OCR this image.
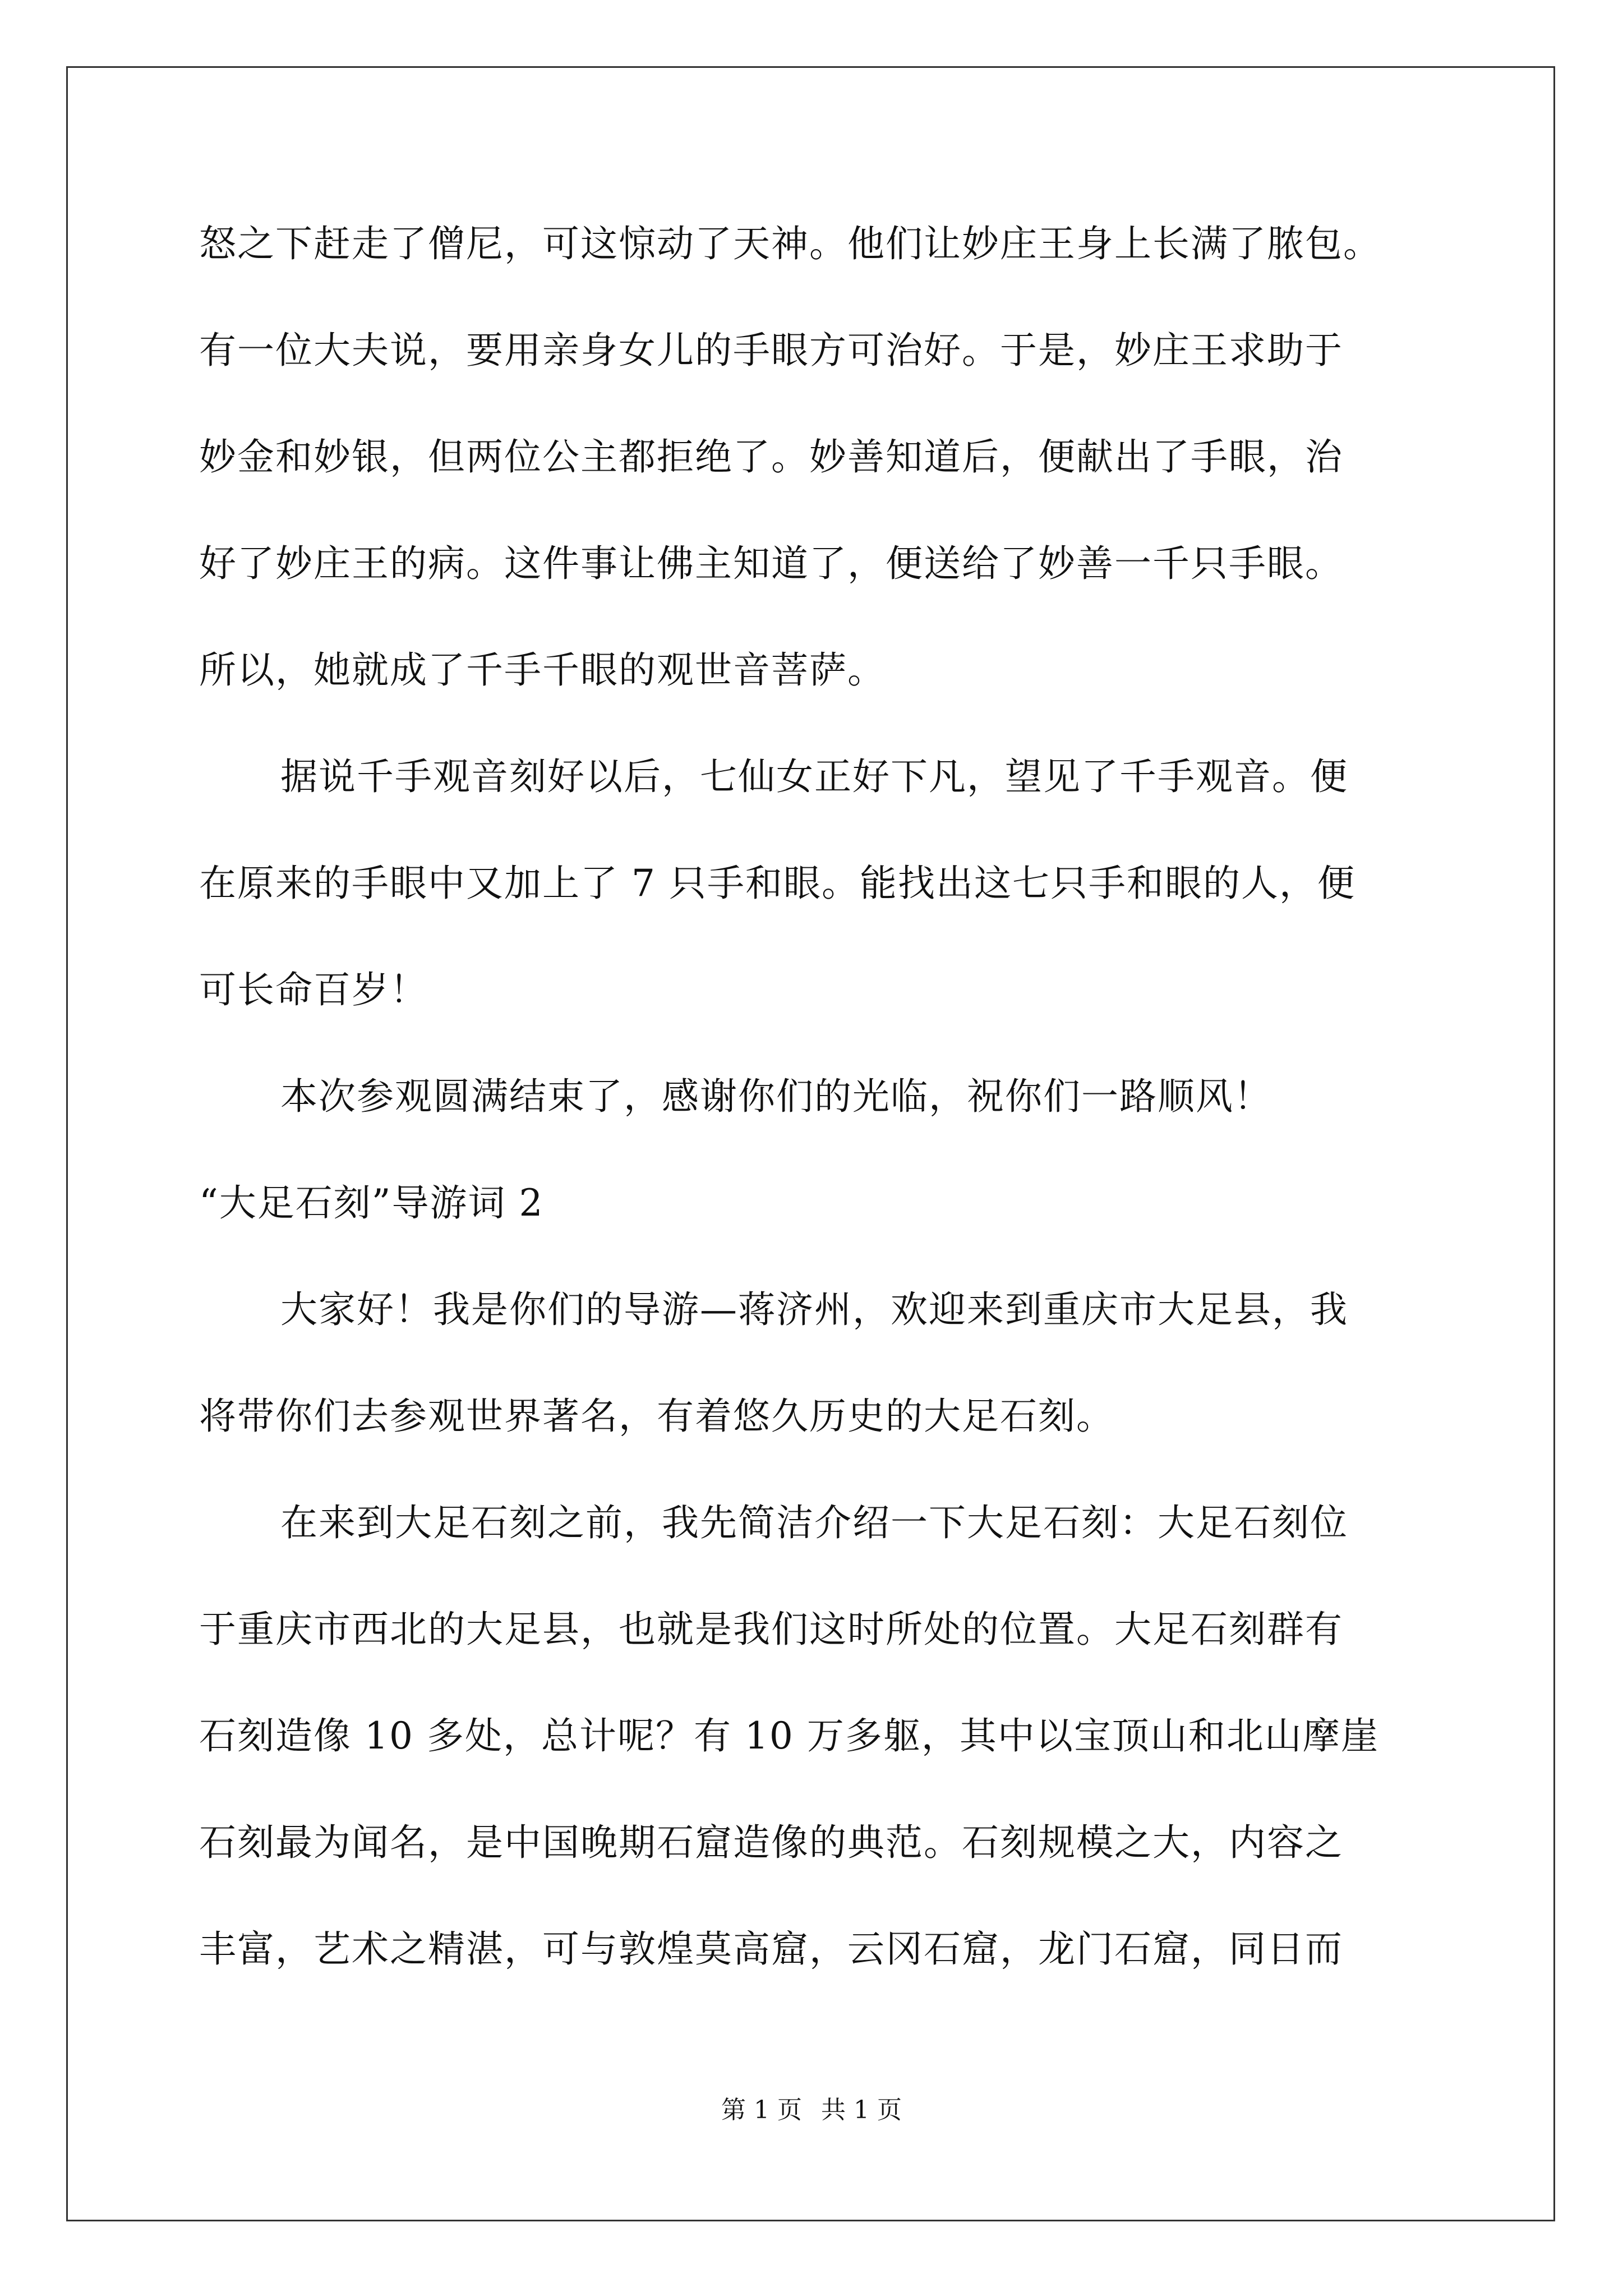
怒之下赶走了僧尼，可这惊动了天神。他们让妙庄王身上长满了脓包。
有一位大夫说，要用亲身女儿的手眼方可治好。于是，妙庄王求助于
妙金和妙银，但两位公主都拒绝了。妙善知道后，便献出了手眼，治
好了妙庄王的病。这件事让佛主知道了，便送给了妙善一千只手眼。
所以，她就成了千手千眼的观世音菩萨。
据说千手观音刻好以后，七仙女正好下凡，望见了千手观音。便
在原来的手眼中又加上了 7 只手和眼。能找出这七只手和眼的人，便
可长命百岁！
本次参观圆满结束了，感谢你们的光临，祝你们一路顺风！
“大足石刻”导游词 2
大家好！我是你们的导游—蒋济州，欢迎来到重庆市大足县，我
将带你们去参观世界著名，有着悠久历史的大足石刻。
在来到大足石刻之前，我先简洁介绍一下大足石刻：大足石刻位
于重庆市西北的大足县，也就是我们这时所处的位置。大足石刻群有
石刻造像 10 多处，总计呢？有 10 万多躯，其中以宝顶山和北山摩崖
石刻最为闻名，是中国晚期石窟造像的典范。石刻规模之大，内容之
丰富，艺术之精湛，可与敦煌莫高窟，云冈石窟，龙门石窟，同日而
第 1 页 共 1 页
